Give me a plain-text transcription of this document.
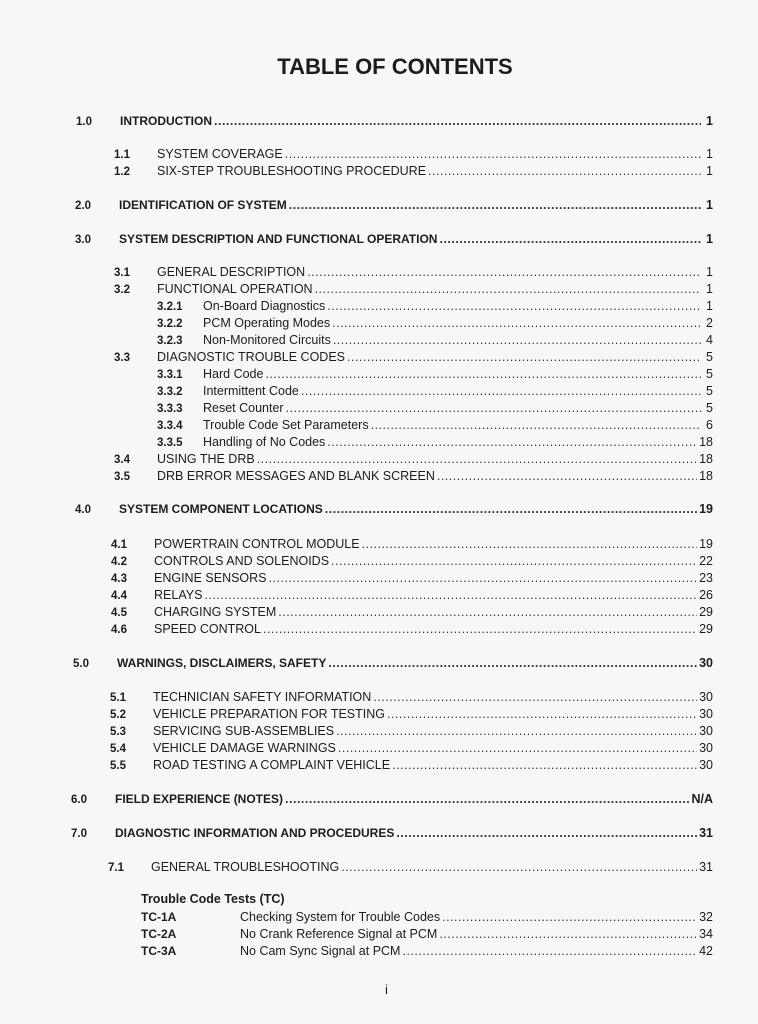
TABLE OF CONTENTS
1.0	INTRODUCTION .....	1
1.1	SYSTEM COVERAGE .....	1
1.2	SIX-STEP TROUBLESHOOTING PROCEDURE .....	1
2.0	IDENTIFICATION OF SYSTEM .....	1
3.0	SYSTEM DESCRIPTION AND FUNCTIONAL OPERATION .....	1
3.1	GENERAL DESCRIPTION .....	1
3.2	FUNCTIONAL OPERATION .....	1
3.2.1	On-Board Diagnostics .....	1
3.2.2	PCM Operating Modes .....	2
3.2.3	Non-Monitored Circuits .....	4
3.3	DIAGNOSTIC TROUBLE CODES .....	5
3.3.1	Hard Code .....	5
3.3.2	Intermittent Code .....	5
3.3.3	Reset Counter .....	5
3.3.4	Trouble Code Set Parameters .....	6
3.3.5	Handling of No Codes .....	18
3.4	USING THE DRB .....	18
3.5	DRB ERROR MESSAGES AND BLANK SCREEN .....	18
4.0	SYSTEM COMPONENT LOCATIONS .....	19
4.1	POWERTRAIN CONTROL MODULE .....	19
4.2	CONTROLS AND SOLENOIDS .....	22
4.3	ENGINE SENSORS .....	23
4.4	RELAYS .....	26
4.5	CHARGING SYSTEM .....	29
4.6	SPEED CONTROL .....	29
5.0	WARNINGS, DISCLAIMERS, SAFETY .....	30
5.1	TECHNICIAN SAFETY INFORMATION .....	30
5.2	VEHICLE PREPARATION FOR TESTING .....	30
5.3	SERVICING SUB-ASSEMBLIES .....	30
5.4	VEHICLE DAMAGE WARNINGS .....	30
5.5	ROAD TESTING A COMPLAINT VEHICLE .....	30
6.0	FIELD EXPERIENCE (NOTES) .....	N/A
7.0	DIAGNOSTIC INFORMATION AND PROCEDURES .....	31
7.1	GENERAL TROUBLESHOOTING .....	31
Trouble Code Tests (TC)
TC-1A	Checking System for Trouble Codes .....	32
TC-2A	No Crank Reference Signal at PCM .....	34
TC-3A	No Cam Sync Signal at PCM .....	42
i
